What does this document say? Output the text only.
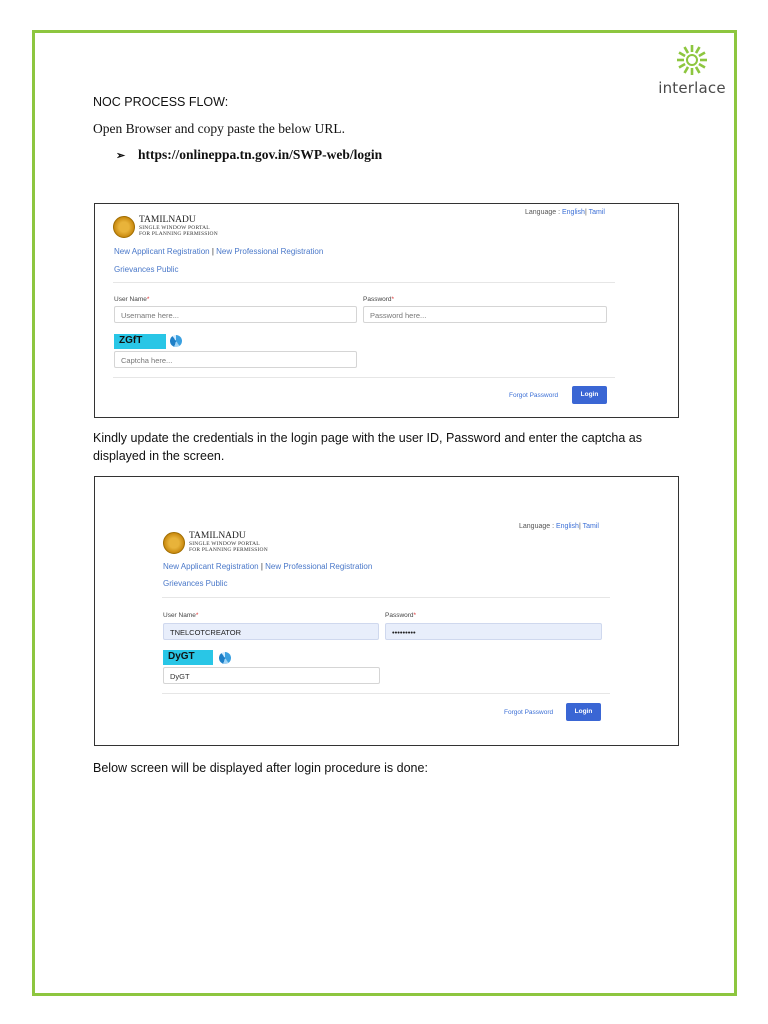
interlace
NOC PROCESS FLOW:
Open Browser and copy paste the below URL.
➢ https://onlineppa.tn.gov.in/SWP-web/login
TAMILNADU
SINGLE WINDOW PORTAL
FOR PLANNING PERMISSION
Language : English| Tamil
New Applicant Registration | New Professional Registration
Grievances Public
User Name*	Password*
Username here...	Password here...
ZGfT
Captcha here...
Forgot Password	Login
Kindly update the credentials in the login page with the user ID, Password and enter the captcha as
displayed in the screen.
TAMILNADU
SINGLE WINDOW PORTAL
FOR PLANNING PERMISSION
Language : English| Tamil
New Applicant Registration | New Professional Registration
Grievances Public
User Name*	Password*
TNELCOTCREATOR	•••••••••
DyGT
DyGT
Forgot Password	Login
Below screen will be displayed after login procedure is done:
